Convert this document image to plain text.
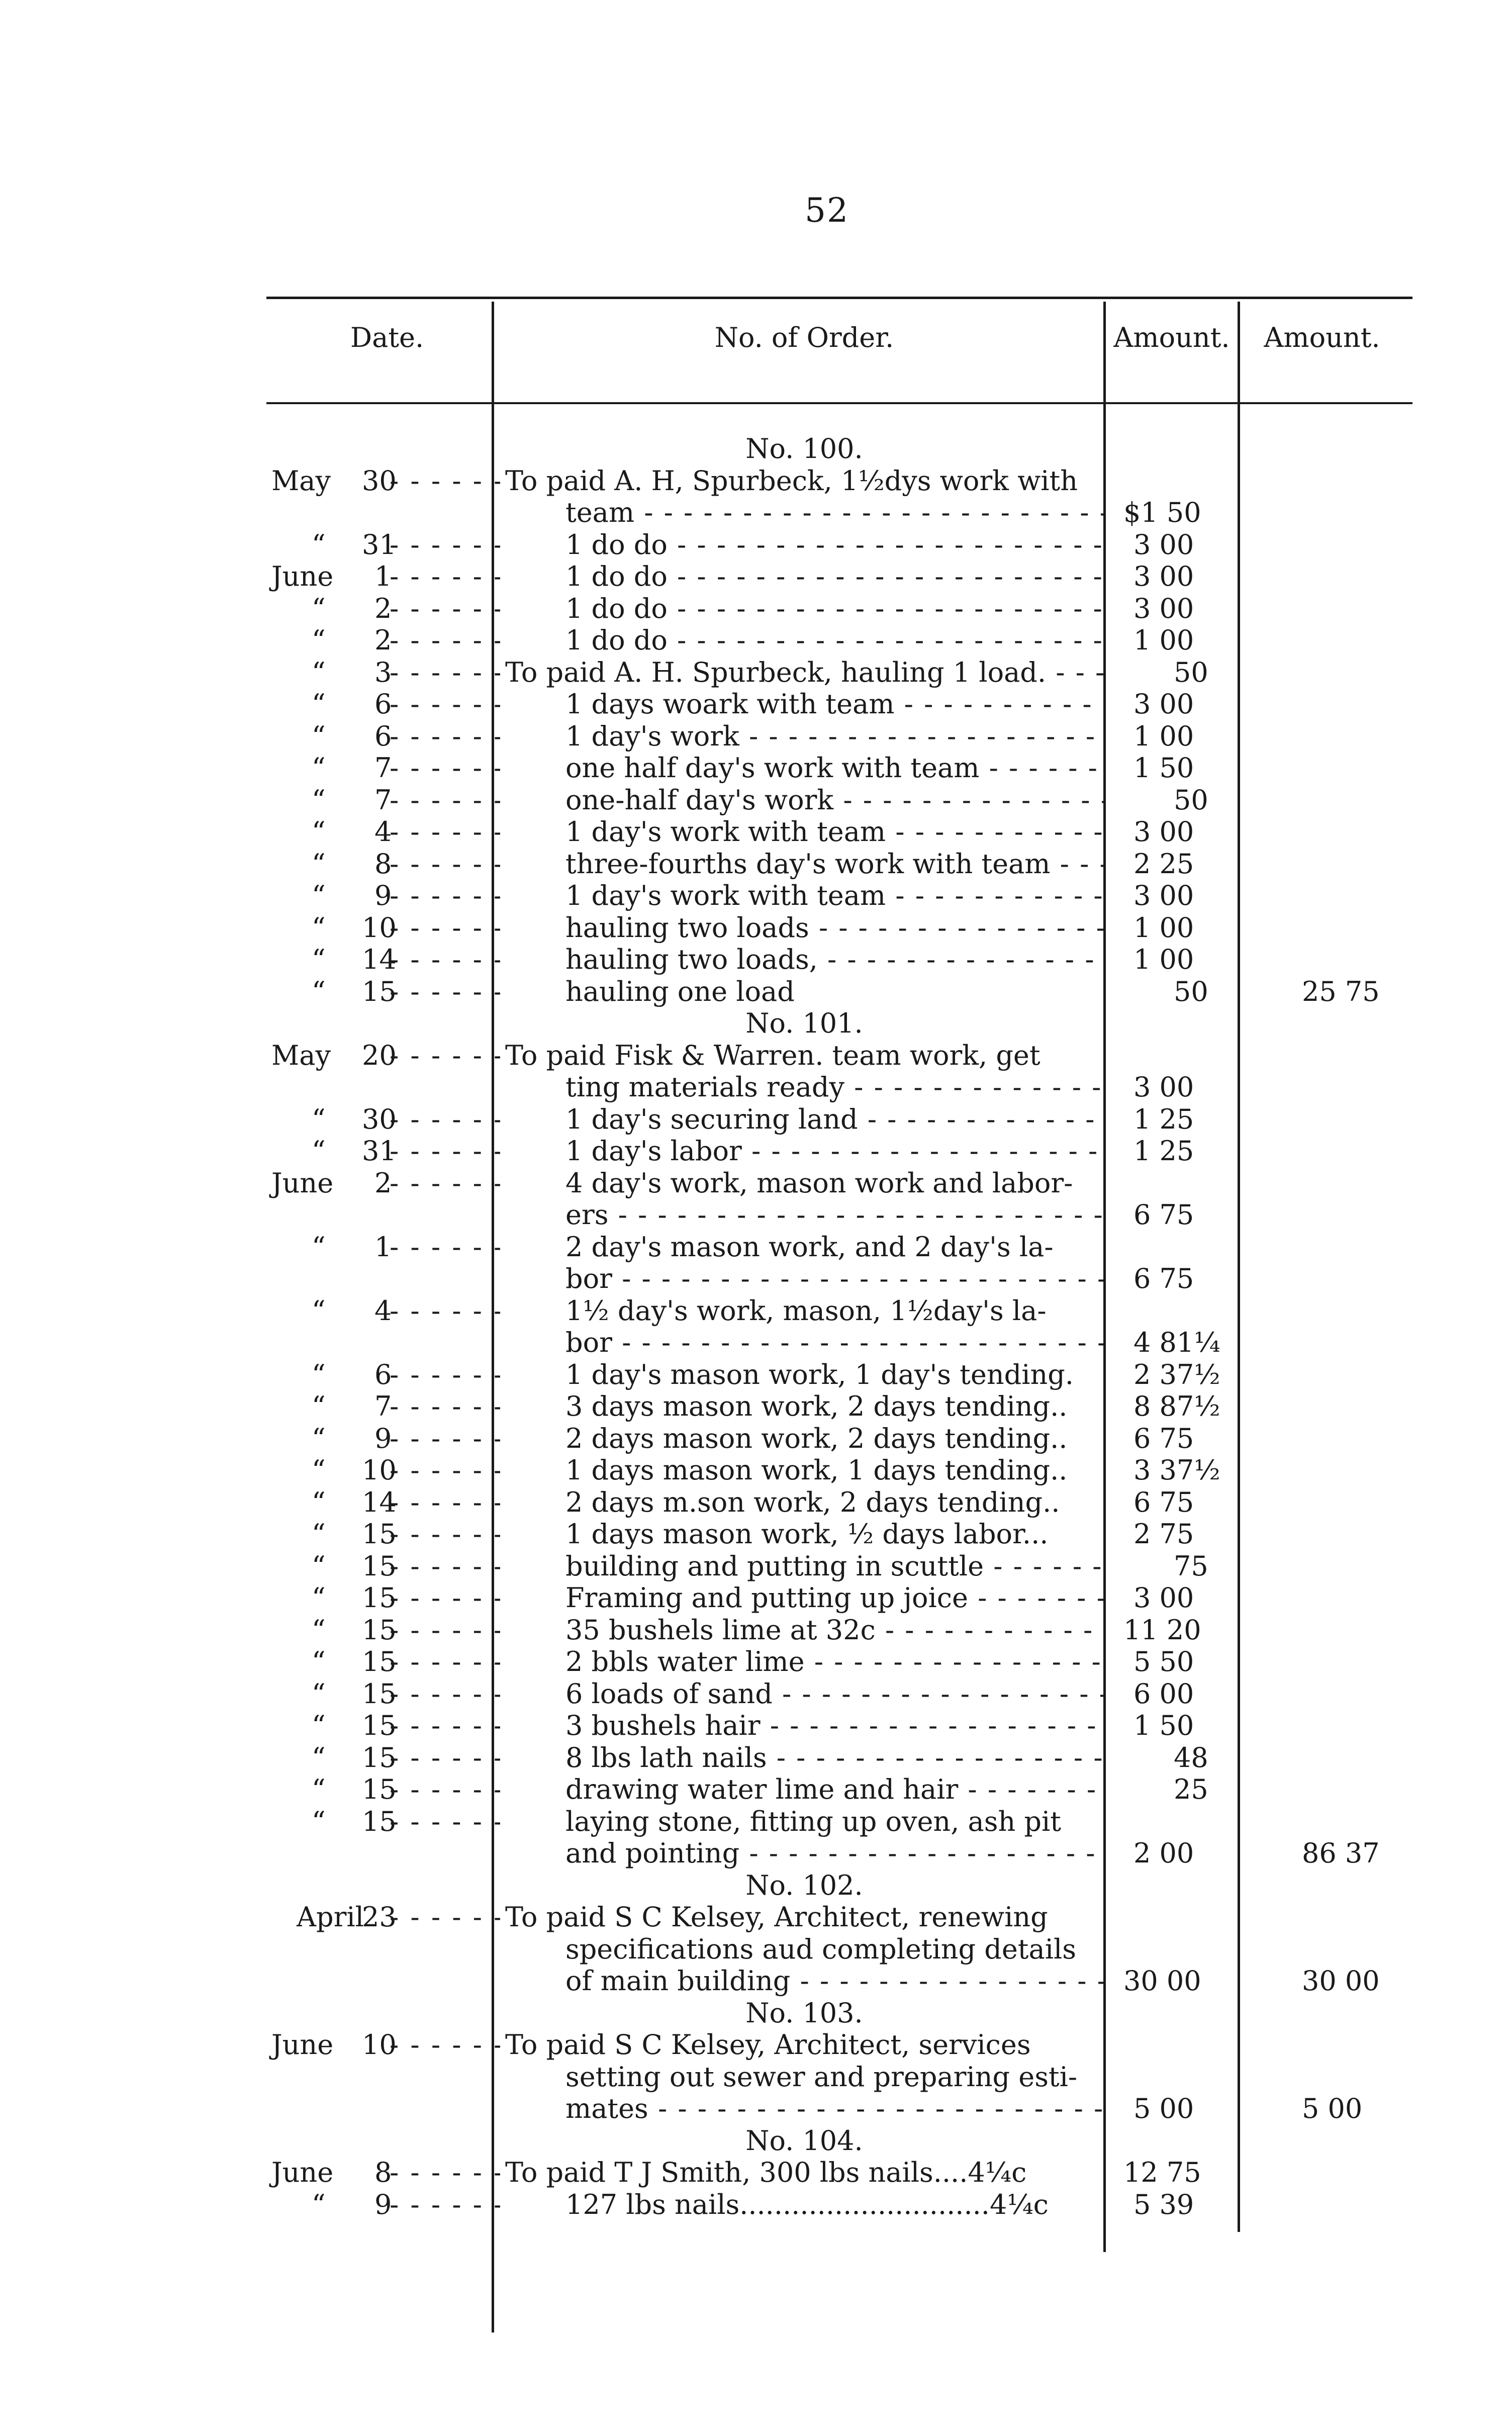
52
Date.	No. of Order.	Amount.	Amount.
No. 100.
May 30 - - -	To paid A. H, Spurbeck, 1½dys work with
team - - -	$1 50
“ 31 - - -	1 do do - - -	3 00
June 1 - - -	1 do do - - -	3 00
“ 2 - - -	1 do do - - -	3 00
“ 2 - - -	1 do do - - -	1 00
“ 3 - - -	To paid A. H. Spurbeck, hauling 1 load. - - -	50
“ 6 - - -	1 days woark with team - - -	3 00
“ 6 - - -	1 day's work - - -	1 00
“ 7 - - -	one half day's work with team - - -	1 50
“ 7 - - -	one-half day's work - - -	50
“ 4 - - -	1 day's work with team - - -	3 00
“ 8 - - -	three-fourths day's work with team - - -	2 25
“ 9 - - -	1 day's work with team - - -	3 00
“ 10 - - -	hauling two loads - - -	1 00
“ 14 - - -	hauling two loads, - - -	1 00
“ 15 - - -	hauling one load	50	25 75
No. 101.
May 20 - - -	To paid Fisk & Warren. team work, get
ting materials ready - - -	3 00
“ 30 - - -	1 day's securing land - - -	1 25
“ 31 - - -	1 day's labor - - -	1 25
June 2 - - -	4 day's work, mason work and labor-
ers - - -	6 75
“ 1 - - -	2 day's mason work, and 2 day's la-
bor - - -	6 75
“ 4 - - -	1½ day's work, mason, 1½day's la-
bor - - -	4 81¼
“ 6 - - -	1 day's mason work, 1 day's tending.	2 37½
“ 7 - - -	3 days mason work, 2 days tending..	8 87½
“ 9 - - -	2 days mason work, 2 days tending..	6 75
“ 10 - - -	1 days mason work, 1 days tending..	3 37½
“ 14 - - -	2 days m.son work, 2 days tending..	6 75
“ 15 - - -	1 days mason work, ½ days labor...	2 75
“ 15 - - -	building and putting in scuttle - - -	75
“ 15 - - -	Framing and putting up joice - - -	3 00
“ 15 - - -	35 bushels lime at 32c - - -	11 20
“ 15 - - -	2 bbls water lime - - -	5 50
“ 15 - - -	6 loads of sand - - -	6 00
“ 15 - - -	3 bushels hair - - -	1 50
“ 15 - - -	8 lbs lath nails - - -	48
“ 15 - - -	drawing water lime and hair - - -	25
“ 15 - - -	laying stone, fitting up oven, ash pit
and pointing - - -	2 00	86 37
No. 102.
April
23 - - -	To paid S C Kelsey, Architect, renewing
specifications aud completing details
of main building - - -	30 00	30 00
No. 103.
June 10 - - -	To paid S C Kelsey, Architect, services
setting out sewer and preparing esti-
mates - - -	5 00	5 00
No. 104.
June 8 - - -	To paid T J Smith, 300 lbs nails....4¼c	12 75
“ 9 - - -	127 lbs nails.............................4¼c	5 39
